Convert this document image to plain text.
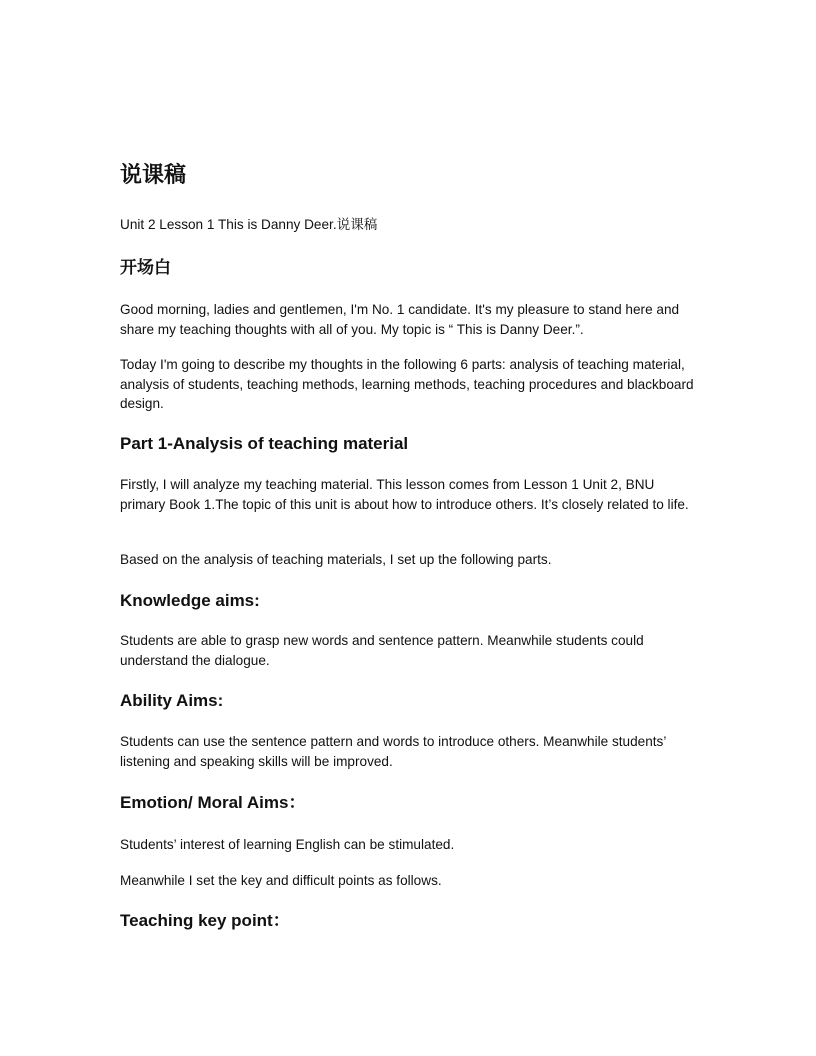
说课稿
Unit 2 Lesson 1 This is Danny Deer.说课稿
开场白
Good morning, ladies and gentlemen, I'm No. 1 candidate. It's my pleasure to stand here and share my teaching thoughts with all of you. My topic is “ This is Danny Deer.”.
Today I'm going to describe my thoughts in the following 6 parts: analysis of teaching material, analysis of students, teaching methods, learning methods, teaching procedures and blackboard design.
Part 1-Analysis of teaching material
Firstly, I will analyze my teaching material. This lesson comes from Lesson 1 Unit 2, BNU primary Book 1.The topic of this unit is about how to introduce others. It’s closely related to life.
Based on the analysis of teaching materials, I set up the following parts.
Knowledge aims:
Students are able to grasp new words and sentence pattern. Meanwhile students could understand the dialogue.
Ability Aims:
Students can use the sentence pattern and words to introduce others. Meanwhile students’ listening and speaking skills will be improved.
Emotion/ Moral Aims：
Students’ interest of learning English can be stimulated.
Meanwhile I set the key and difficult points as follows.
Teaching key point：
